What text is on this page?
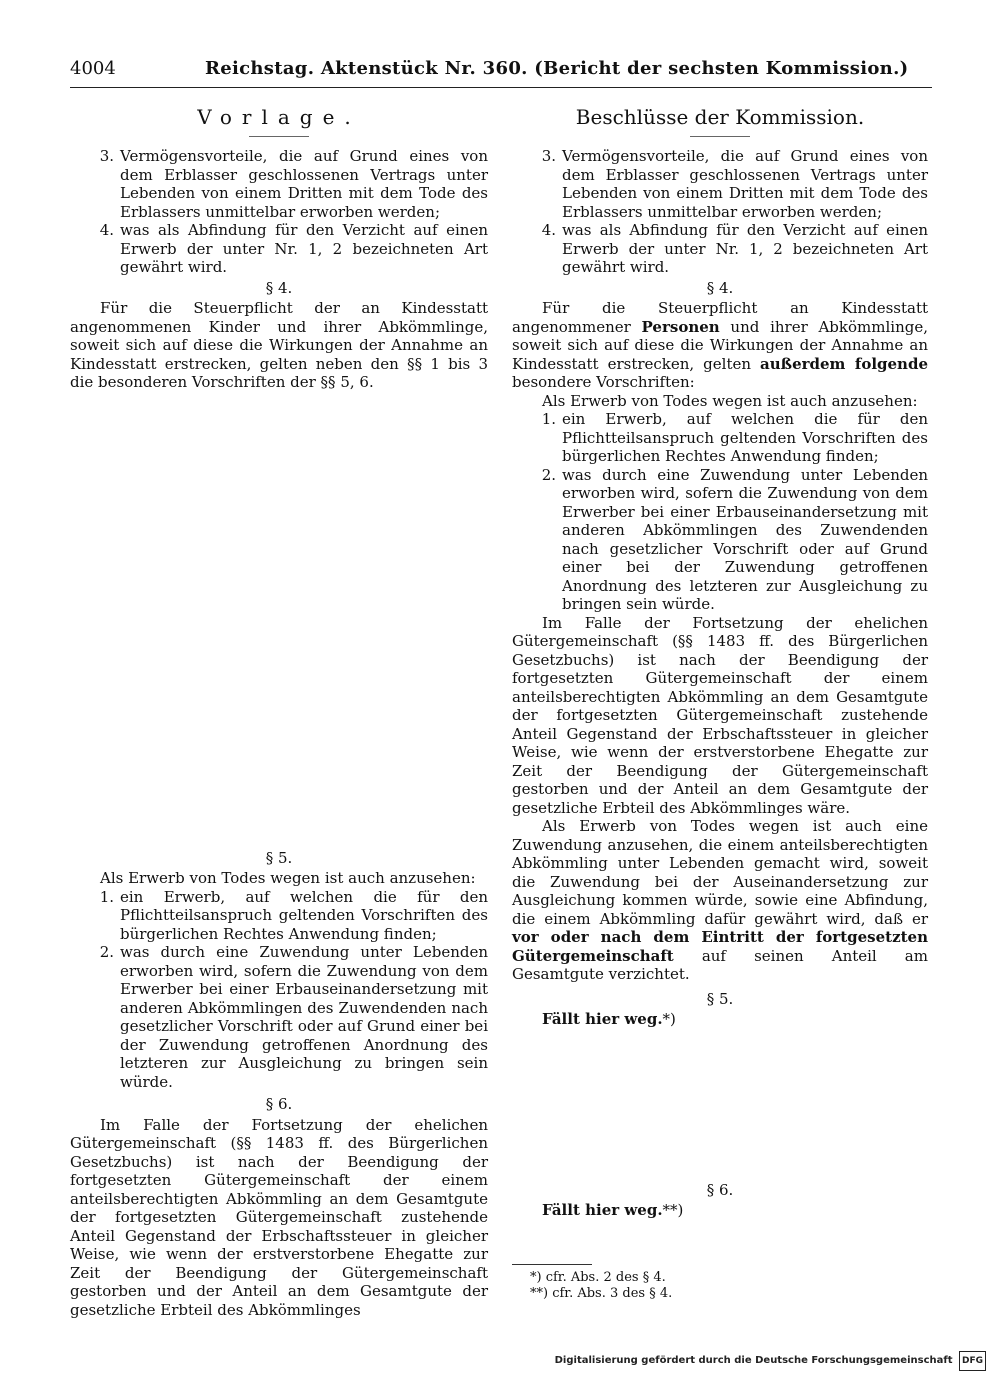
4004	Reichstag. Aktenstück Nr. 360. (Bericht der sechsten Kommission.)
Vorlage.
3. Vermögensvorteile, die auf Grund eines von dem Erblasser geschlossenen Vertrags unter Lebenden von einem Dritten mit dem Tode des Erblassers unmittelbar erworben werden;
4. was als Abfindung für den Verzicht auf einen Erwerb der unter Nr. 1, 2 bezeichneten Art gewährt wird.
§ 4.

Für die Steuerpflicht der an Kindesstatt angenommenen Kinder und ihrer Abkömmlinge, soweit sich auf diese die Wirkungen der Annahme an Kindesstatt erstrecken, gelten neben den §§ 1 bis 3 die besonderen Vorschriften der §§ 5, 6.

§ 5.

Als Erwerb von Todes wegen ist auch anzusehen:

1. ein Erwerb, auf welchen die für den Pflichtteilsanspruch geltenden Vorschriften des bürgerlichen Rechtes Anwendung finden;
2. was durch eine Zuwendung unter Lebenden erworben wird, sofern die Zuwendung von dem Erwerber bei einer Erbauseinandersetzung mit anderen Abkömmlingen des Zuwendenden nach gesetzlicher Vorschrift oder auf Grund einer bei der Zuwendung getroffenen Anordnung des letzteren zur Ausgleichung zu bringen sein würde.
§ 6.

Im Falle der Fortsetzung der ehelichen Gütergemeinschaft (§§ 1483 ff. des Bürgerlichen Gesetzbuchs) ist nach der Beendigung der fortgesetzten Gütergemeinschaft der einem anteilsberechtigten Abkömmling an dem Gesamtgute der fortgesetzten Gütergemeinschaft zustehende Anteil Gegenstand der Erbschaftssteuer in gleicher Weise, wie wenn der erstverstorbene Ehegatte zur Zeit der Beendigung der Gütergemeinschaft gestorben und der Anteil an dem Gesamtgute der gesetzliche Erbteil des Abkömmlinges

Beschlüsse der Kommission.
3. Vermögensvorteile, die auf Grund eines von dem Erblasser geschlossenen Vertrags unter Lebenden von einem Dritten mit dem Tode des Erblassers unmittelbar erworben werden;
4. was als Abfindung für den Verzicht auf einen Erwerb der unter Nr. 1, 2 bezeichneten Art gewährt wird.
§ 4.

Für die Steuerpflicht an Kindesstatt angenommener Personen und ihrer Abkömmlinge, soweit sich auf diese die Wirkungen der Annahme an Kindesstatt erstrecken, gelten außerdem folgende besondere Vorschriften:

Als Erwerb von Todes wegen ist auch anzusehen:

1. ein Erwerb, auf welchen die für den Pflichtteilsanspruch geltenden Vorschriften des bürgerlichen Rechtes Anwendung finden;
2. was durch eine Zuwendung unter Lebenden erworben wird, sofern die Zuwendung von dem Erwerber bei einer Erbauseinandersetzung mit anderen Abkömmlingen des Zuwendenden nach gesetzlicher Vorschrift oder auf Grund einer bei der Zuwendung getroffenen Anordnung des letzteren zur Ausgleichung zu bringen sein würde.

Im Falle der Fortsetzung der ehelichen Gütergemeinschaft (§§ 1483 ff. des Bürgerlichen Gesetzbuchs) ist nach der Beendigung der fortgesetzten Gütergemeinschaft der einem anteilsberechtigten Abkömmling an dem Gesamtgute der fortgesetzten Gütergemeinschaft zustehende Anteil Gegenstand der Erbschaftssteuer in gleicher Weise, wie wenn der erstverstorbene Ehegatte zur Zeit der Beendigung der Gütergemeinschaft gestorben und der Anteil an dem Gesamtgute der gesetzliche Erbteil des Abkömmlinges wäre.

Als Erwerb von Todes wegen ist auch eine Zuwendung anzusehen, die einem anteilsberechtigten Abkömmling unter Lebenden gemacht wird, soweit die Zuwendung bei der Auseinandersetzung zur Ausgleichung kommen würde, sowie eine Abfindung, die einem Abkömmling dafür gewährt wird, daß er vor oder nach dem Eintritt der fortgesetzten Gütergemeinschaft auf seinen Anteil am Gesamtgute verzichtet.

§ 5.
Fällt hier weg.*)
§ 6.
Fällt hier weg.**)
*) cfr. Abs. 2 des § 4.
**) cfr. Abs. 3 des § 4.
Digitalisierung gefördert durch die Deutsche Forschungsgemeinschaft DFG
